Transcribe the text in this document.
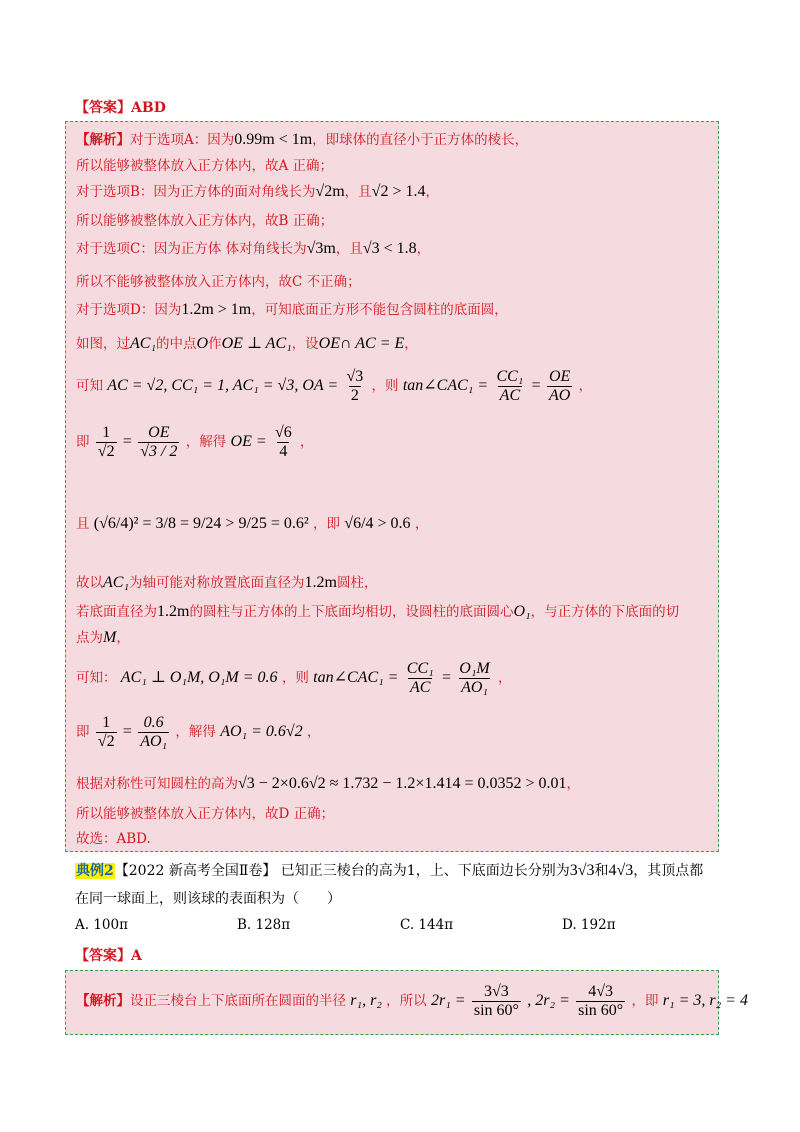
【答案】ABD
【解析】对于选项A：因为0.99m < 1m，即球体的直径小于正方体的棱长，
所以能够被整体放入正方体内，故A 正确；
对于选项B：因为正方体的面对角线长为√2m，且√2 > 1.4，
所以能够被整体放入正方体内，故B 正确；
对于选项C：因为正方体 体对角线长为√3m，且√3 < 1.8，
所以不能够被整体放入正方体内，故C 不正确；
对于选项D：因为1.2m > 1m，可知底面正方形不能包含圆柱的底面圆，
如图，过AC₁的中点O作OE ⊥ AC₁，设OE∩ AC = E，
可知 AC = √2, CC₁ = 1, AC₁ = √3, OA = $\frac{√3}{2}$ ，则 tan∠CAC₁ = $\frac{\text{CC₁}}{AC} = \frac{OE}{AO}$ ，
即 $\frac{1}{√2} = \frac{OE}{√3 / 2}$ ，解得 OE = $\frac{√6}{4}$ ，
且 (√6/4)² = 3/8 = 9/24 > 9/25 = 0.6² ，即 √6/4 > 0.6 ，
故以AC₁为轴可能对称放置底面直径为1.2m圆柱，
若底面直径为1.2m的圆柱与正方体的上下底面均相切，设圆柱的底面圆心O₁，与正方体的下底面的切
点为M，
可知： AC₁ ⊥ O₁M, O₁M = 0.6 ，则 tan∠CAC₁ = $\frac{\text{CC₁}}{AC} = \frac{\text{O₁M}}{\text{AO₁}}$ ，
即 $\frac{1}{√2} = \frac{0.6}{\text{AO₁}}$ ，解得 AO₁ = 0.6√2 ，
根据对称性可知圆柱的高为√3 − 2×0.6√2 ≈ 1.732 − 1.2×1.414 = 0.0352 > 0.01，
所以能够被整体放入正方体内，故D 正确；
故选：ABD.
典例2【2022 新高考全国Ⅱ卷】 已知正三棱台的高为1，上、下底面边长分别为3√3和4√3，其顶点都
在同一球面上，则该球的表面积为（　　）
A. 100π	B. 128π	C. 144π	D. 192π
【答案】A
【解析】设正三棱台上下底面所在圆面的半径 r₁, r₂ ，所以 $2r_1 = \frac{3√3}{\sin 60^\circ}$ , $2r_2 = \frac{4√3}{\sin 60^\circ}$ ，即 r₁ = 3, r₂ = 4
